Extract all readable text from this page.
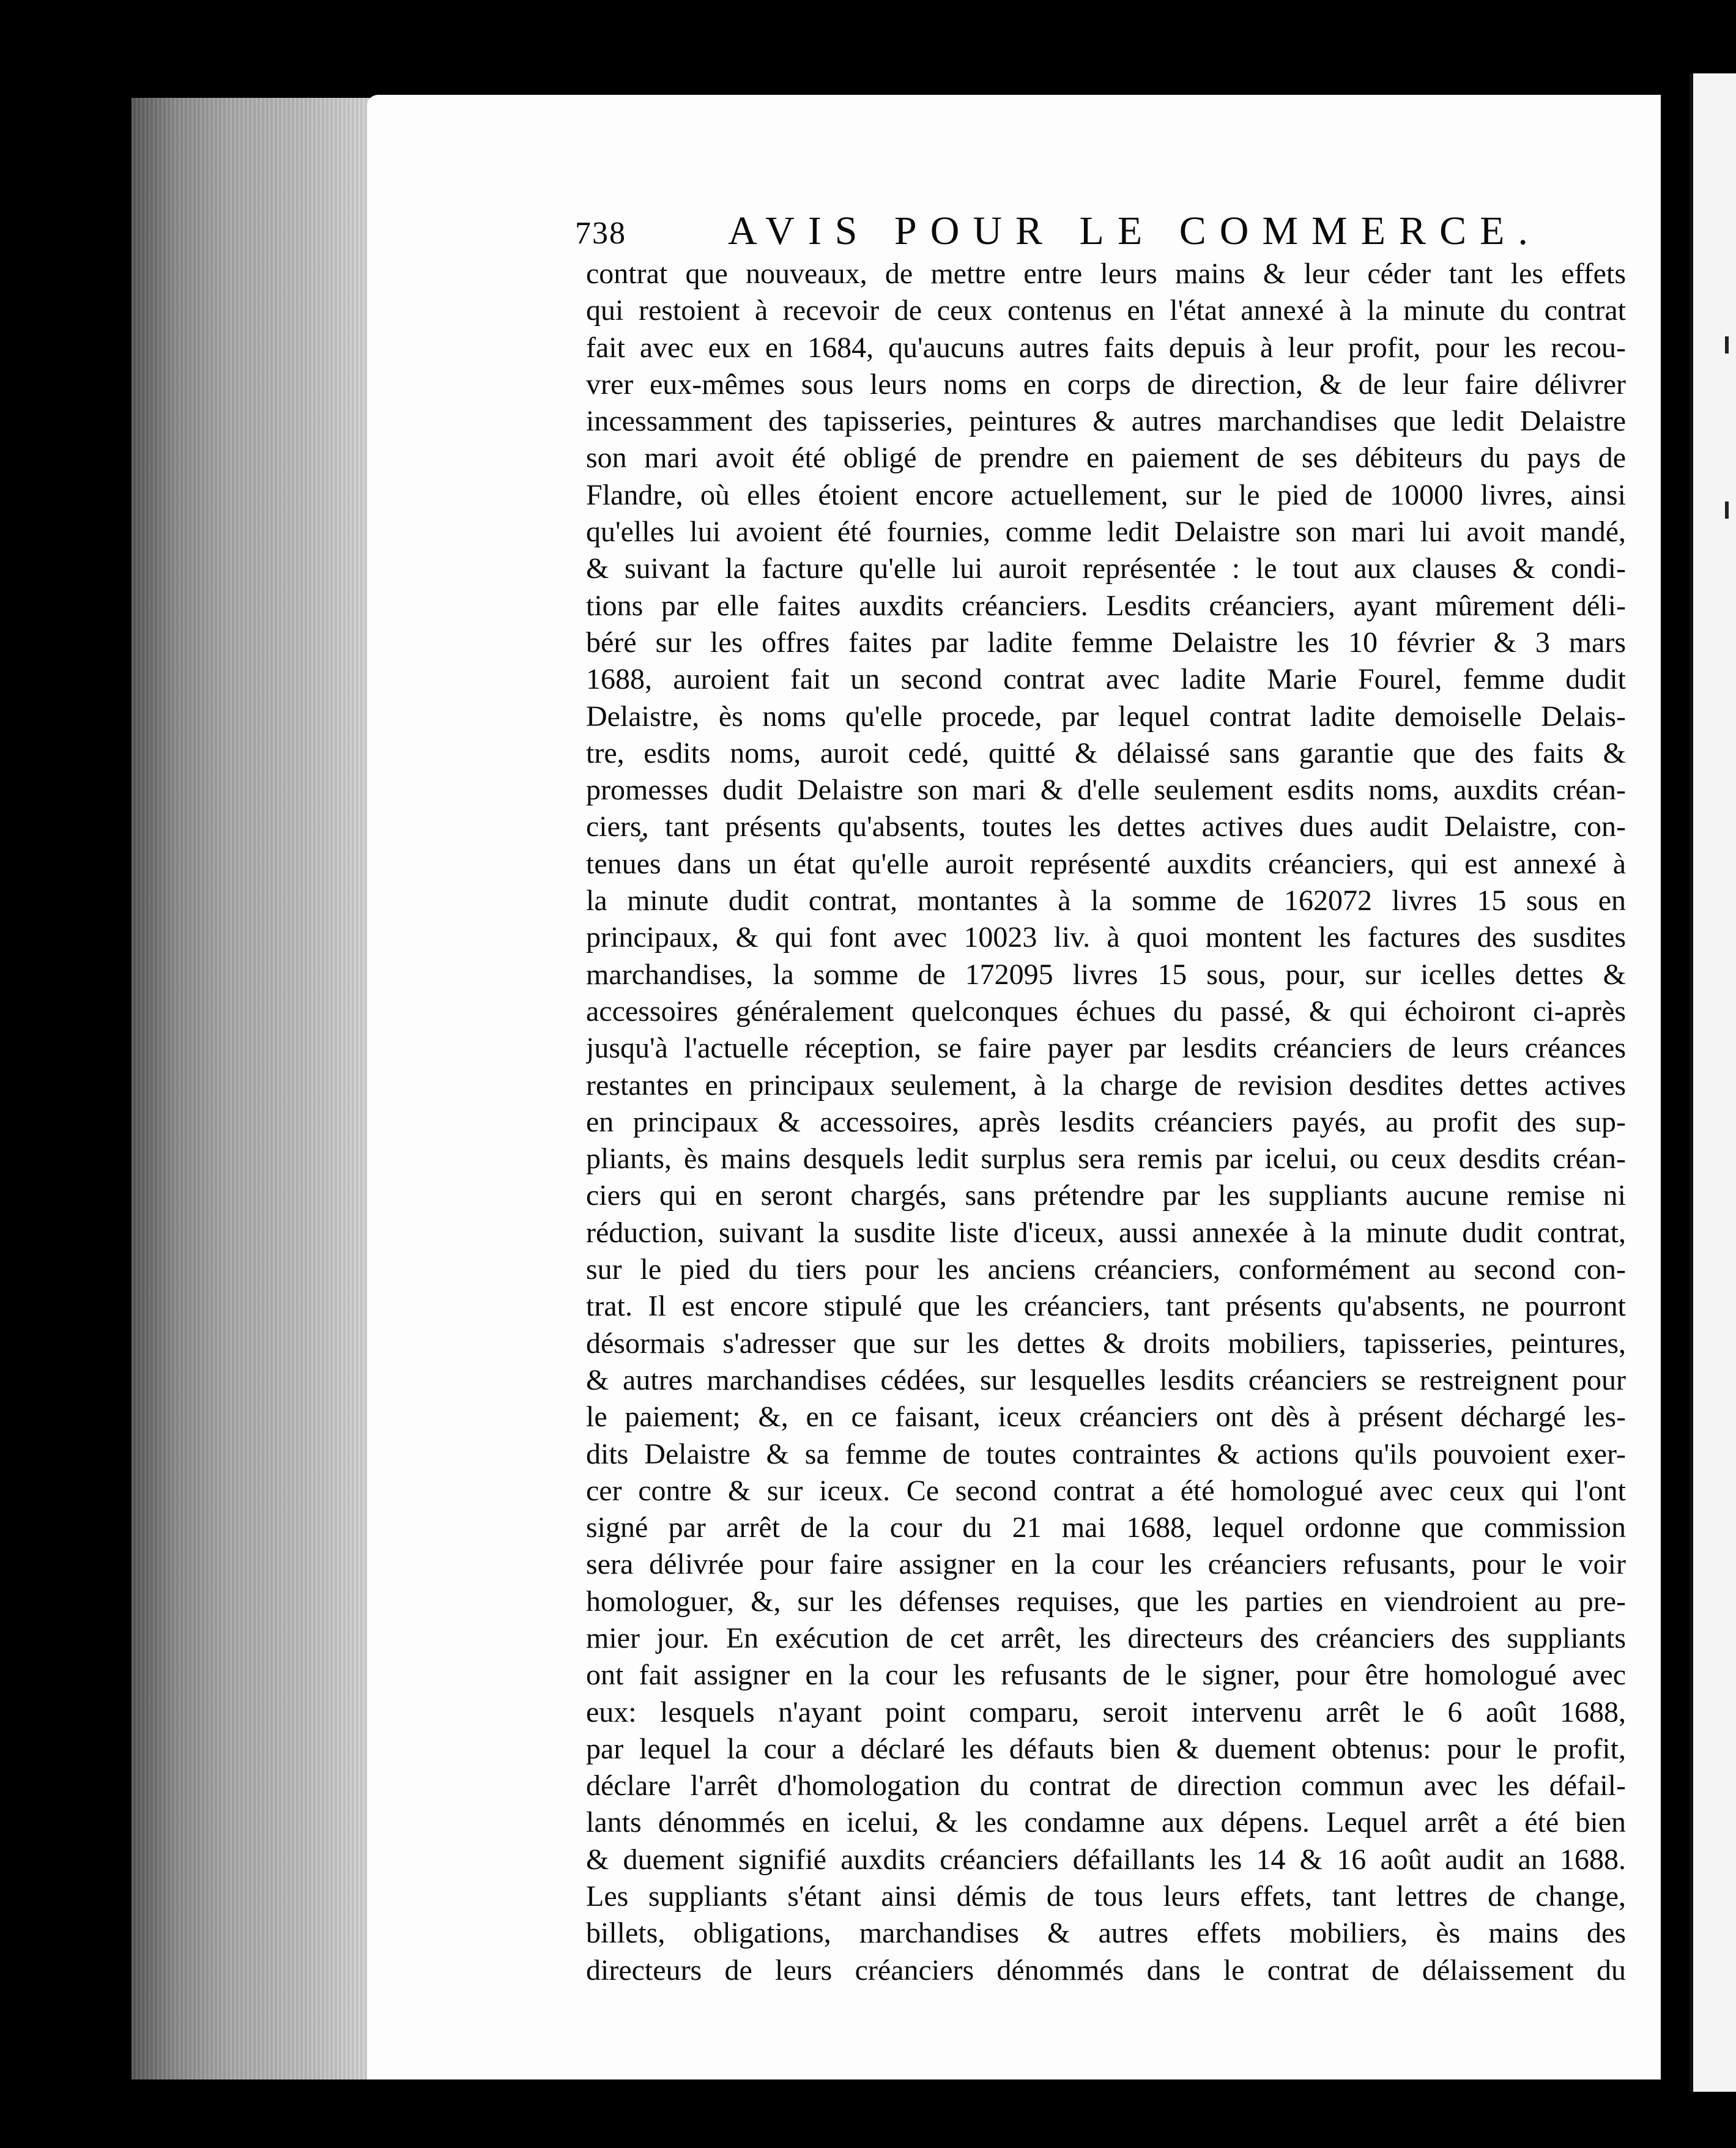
738	AVIS POUR LE COMMERCE.
contrat que nouveaux, de mettre entre leurs mains & leur céder tant les effets
qui restoient à recevoir de ceux contenus en l'état annexé à la minute du contrat
fait avec eux en 1684, qu'aucuns autres faits depuis à leur profit, pour les recou-
vrer eux-mêmes sous leurs noms en corps de direction, & de leur faire délivrer
incessamment des tapisseries, peintures & autres marchandises que ledit Delaistre
son mari avoit été obligé de prendre en paiement de ses débiteurs du pays de
Flandre, où elles étoient encore actuellement, sur le pied de 10000 livres, ainsi
qu'elles lui avoient été fournies, comme ledit Delaistre son mari lui avoit mandé,
& suivant la facture qu'elle lui auroit représentée : le tout aux clauses & condi-
tions par elle faites auxdits créanciers. Lesdits créanciers, ayant mûrement déli-
béré sur les offres faites par ladite femme Delaistre les 10 février & 3 mars
1688, auroient fait un second contrat avec ladite Marie Fourel, femme dudit
Delaistre, ès noms qu'elle procede, par lequel contrat ladite demoiselle Delais-
tre, esdits noms, auroit cedé, quitté & délaissé sans garantie que des faits &
promesses dudit Delaistre son mari & d'elle seulement esdits noms, auxdits créan-
ciers, tant présents qu'absents, toutes les dettes actives dues audit Delaistre, con-
tenues dans un état qu'elle auroit représenté auxdits créanciers, qui est annexé à
la minute dudit contrat, montantes à la somme de 162072 livres 15 sous en
principaux, & qui font avec 10023 liv. à quoi montent les factures des susdites
marchandises, la somme de 172095 livres 15 sous, pour, sur icelles dettes &
accessoires généralement quelconques échues du passé, & qui échoiront ci-après
jusqu'à l'actuelle réception, se faire payer par lesdits créanciers de leurs créances
restantes en principaux seulement, à la charge de revision desdites dettes actives
en principaux & accessoires, après lesdits créanciers payés, au profit des sup-
pliants, ès mains desquels ledit surplus sera remis par icelui, ou ceux desdits créan-
ciers qui en seront chargés, sans prétendre par les suppliants aucune remise ni
réduction, suivant la susdite liste d'iceux, aussi annexée à la minute dudit contrat,
sur le pied du tiers pour les anciens créanciers, conformément au second con-
trat. Il est encore stipulé que les créanciers, tant présents qu'absents, ne pourront
désormais s'adresser que sur les dettes & droits mobiliers, tapisseries, peintures,
& autres marchandises cédées, sur lesquelles lesdits créanciers se restreignent pour
le paiement; &, en ce faisant, iceux créanciers ont dès à présent déchargé les-
dits Delaistre & sa femme de toutes contraintes & actions qu'ils pouvoient exer-
cer contre & sur iceux. Ce second contrat a été homologué avec ceux qui l'ont
signé par arrêt de la cour du 21 mai 1688, lequel ordonne que commission
sera délivrée pour faire assigner en la cour les créanciers refusants, pour le voir
homologuer, &, sur les défenses requises, que les parties en viendroient au pre-
mier jour. En exécution de cet arrêt, les directeurs des créanciers des suppliants
ont fait assigner en la cour les refusants de le signer, pour être homologué avec
eux: lesquels n'ayant point comparu, seroit intervenu arrêt le 6 août 1688,
par lequel la cour a déclaré les défauts bien & duement obtenus: pour le profit,
déclare l'arrêt d'homologation du contrat de direction commun avec les défail-
lants dénommés en icelui, & les condamne aux dépens. Lequel arrêt a été bien
& duement signifié auxdits créanciers défaillants les 14 & 16 août audit an 1688.
Les suppliants s'étant ainsi démis de tous leurs effets, tant lettres de change,
billets, obligations, marchandises & autres effets mobiliers, ès mains des
directeurs de leurs créanciers dénommés dans le contrat de délaissement du
